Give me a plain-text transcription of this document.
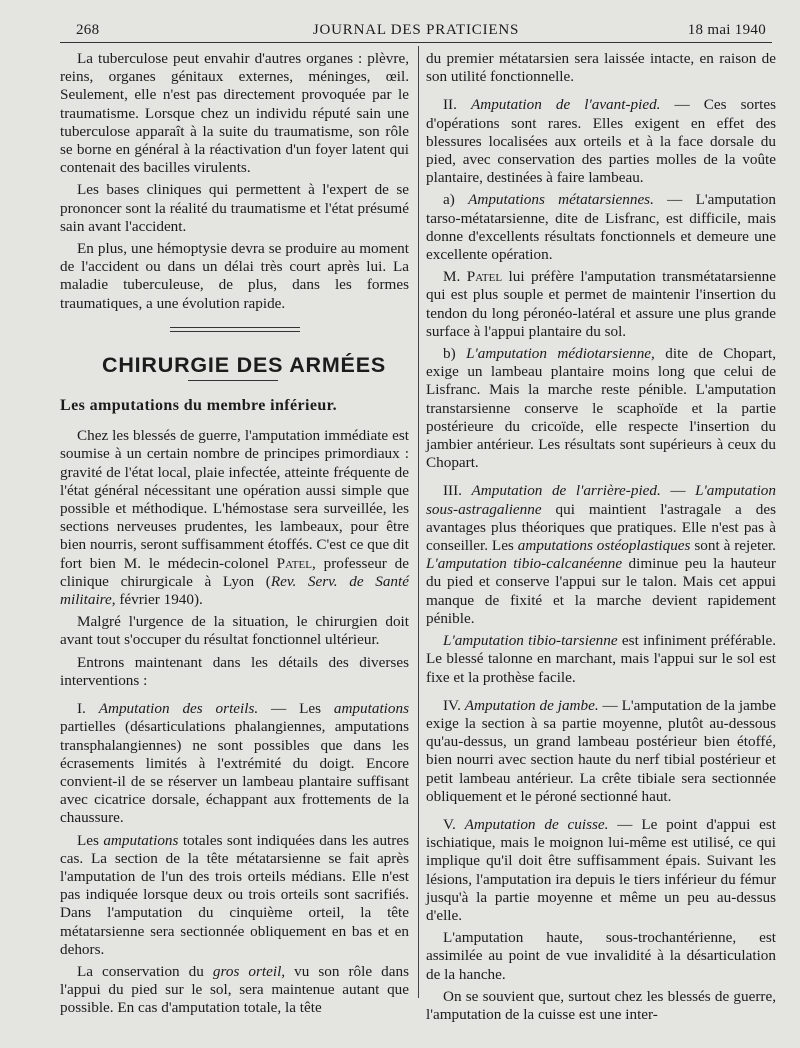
268	JOURNAL DES PRATICIENS	18 mai 1940

La tuberculose peut envahir d'autres organes : plèvre, reins, organes génitaux externes, méninges, œil. Seulement, elle n'est pas directement provoquée par le traumatisme. Lorsque chez un individu réputé sain une tuberculose apparaît à la suite du traumatisme, son rôle se borne en général à la réactivation d'un foyer latent qui contenait des bacilles virulents.

Les bases cliniques qui permettent à l'expert de se prononcer sont la réalité du traumatisme et l'état présumé sain avant l'accident.

En plus, une hémoptysie devra se produire au moment de l'accident ou dans un délai très court après lui. La maladie tuberculeuse, de plus, dans les formes traumatiques, a une évolution rapide.

CHIRURGIE DES ARMÉES
Les amputations du membre inférieur.

Chez les blessés de guerre, l'amputation immédiate est soumise à un certain nombre de principes primordiaux : gravité de l'état local, plaie infectée, atteinte fréquente de l'état général nécessitant une opération aussi simple que possible et méthodique. L'hémostase sera surveillée, les sections nerveuses prudentes, les lambeaux, pour être bien nourris, seront suffisamment étoffés. C'est ce que dit fort bien M. le médecin-colonel Patel, professeur de clinique chirurgicale à Lyon (Rev. Serv. de Santé militaire, février 1940).

Malgré l'urgence de la situation, le chirurgien doit avant tout s'occuper du résultat fonctionnel ultérieur.

Entrons maintenant dans les détails des diverses interventions :

I. Amputation des orteils. — Les amputations partielles (désarticulations phalangiennes, amputations transphalangiennes) ne sont possibles que dans les écrasements limités à l'extrémité du doigt. Encore convient-il de se réserver un lambeau plantaire suffisant avec cicatrice dorsale, échappant aux frottements de la chaussure.

Les amputations totales sont indiquées dans les autres cas. La section de la tête métatarsienne se fait après l'amputation de l'un des trois orteils médians. Elle n'est pas indiquée lorsque deux ou trois orteils sont sacrifiés. Dans l'amputation du cinquième orteil, la tête métatarsienne sera sectionnée obliquement en bas et en dehors.

La conservation du gros orteil, vu son rôle dans l'appui du pied sur le sol, sera maintenue autant que possible. En cas d'amputation totale, la tête

du premier métatarsien sera laissée intacte, en raison de son utilité fonctionnelle.

II. Amputation de l'avant-pied. — Ces sortes d'opérations sont rares. Elles exigent en effet des blessures localisées aux orteils et à la face dorsale du pied, avec conservation des parties molles de la voûte plantaire, destinées à faire lambeau.

a) Amputations métatarsiennes. — L'amputation tarso-métatarsienne, dite de Lisfranc, est difficile, mais donne d'excellents résultats fonctionnels et demeure une excellente opération.

M. Patel lui préfère l'amputation transmétatarsienne qui est plus souple et permet de maintenir l'insertion du tendon du long péronéo-latéral et assure une plus grande surface à l'appui plantaire du sol.

b) L'amputation médiotarsienne, dite de Chopart, exige un lambeau plantaire moins long que celui de Lisfranc. Mais la marche reste pénible. L'amputation transtarsienne conserve le scaphoïde et la partie postérieure du cricoïde, elle respecte l'insertion du jambier antérieur. Les résultats sont supérieurs à ceux du Chopart.

III. Amputation de l'arrière-pied. — L'amputation sous-astragalienne qui maintient l'astragale a des avantages plus théoriques que pratiques. Elle n'est pas à conseiller. Les amputations ostéoplastiques sont à rejeter. L'amputation tibio-calcanéenne diminue peu la hauteur du pied et conserve l'appui sur le talon. Mais cet appui manque de fixité et la marche devient rapidement pénible.

L'amputation tibio-tarsienne est infiniment préférable. Le blessé talonne en marchant, mais l'appui sur le sol est fixe et la prothèse facile.

IV. Amputation de jambe. — L'amputation de la jambe exige la section à sa partie moyenne, plutôt au-dessous qu'au-dessus, un grand lambeau postérieur bien étoffé, bien nourri avec section haute du nerf tibial postérieur et petit lambeau antérieur. La crête tibiale sera sectionnée obliquement et le péroné sectionné haut.

V. Amputation de cuisse. — Le point d'appui est ischiatique, mais le moignon lui-même est utilisé, ce qui implique qu'il doit être suffisamment épais. Suivant les lésions, l'amputation ira depuis le tiers inférieur du fémur jusqu'à la partie moyenne et même un peu au-dessus d'elle.

L'amputation haute, sous-trochantérienne, est assimilée au point de vue invalidité à la désarticulation de la hanche.

On se souvient que, surtout chez les blessés de guerre, l'amputation de la cuisse est une inter-
